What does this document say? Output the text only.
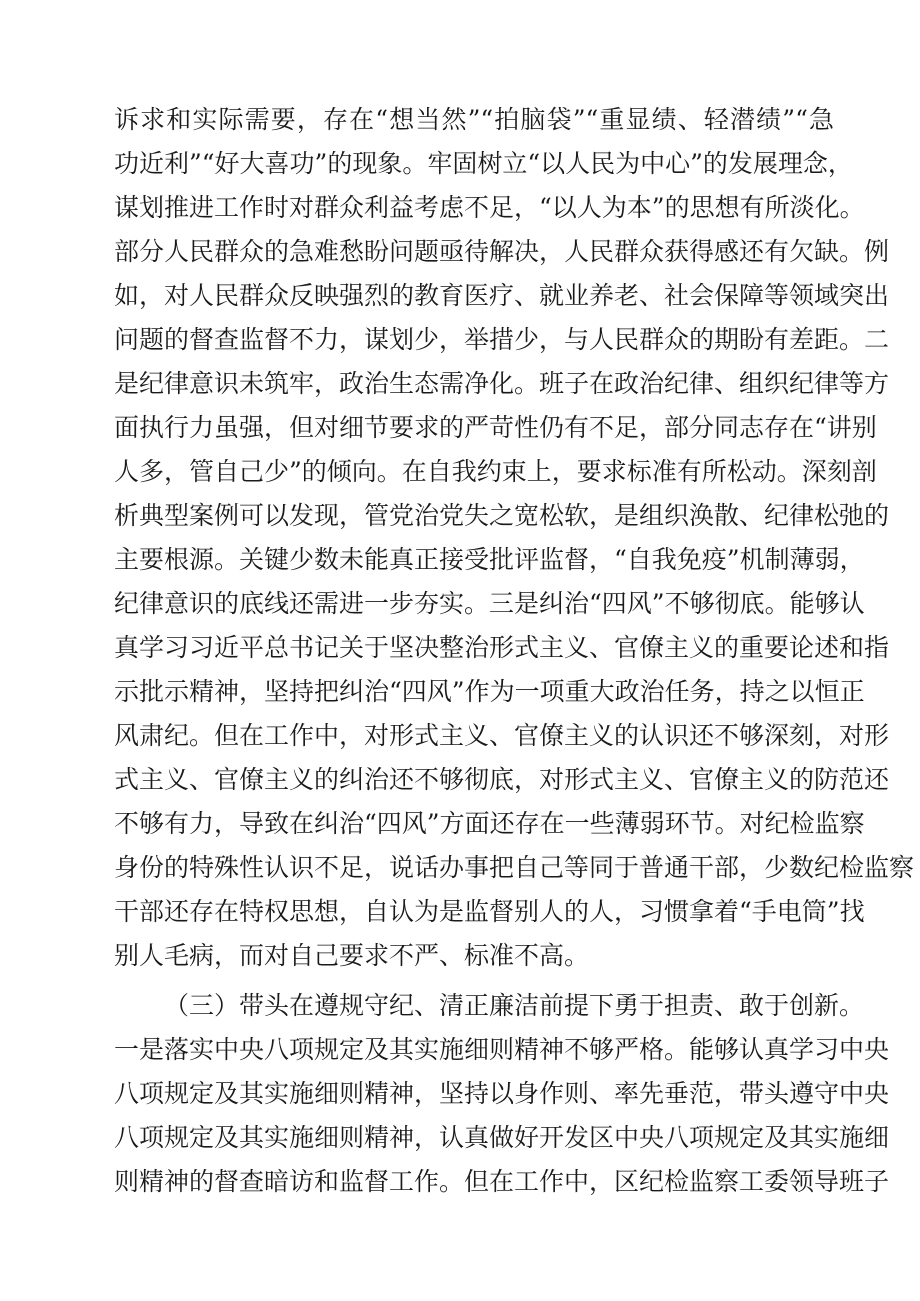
诉求和实际需要，存在“想当然”“拍脑袋”“重显绩、轻潜绩”“急
功近利”“好大喜功”的现象。牢固树立“以人民为中心”的发展理念，
谋划推进工作时对群众利益考虑不足，“以人为本”的思想有所淡化。
部分人民群众的急难愁盼问题亟待解决，人民群众获得感还有欠缺。例
如，对人民群众反映强烈的教育医疗、就业养老、社会保障等领域突出
问题的督查监督不力，谋划少，举措少，与人民群众的期盼有差距。二
是纪律意识未筑牢，政治生态需净化。班子在政治纪律、组织纪律等方
面执行力虽强，但对细节要求的严苛性仍有不足，部分同志存在“讲别
人多，管自己少”的倾向。在自我约束上，要求标准有所松动。深刻剖
析典型案例可以发现，管党治党失之宽松软，是组织涣散、纪律松弛的
主要根源。关键少数未能真正接受批评监督，“自我免疫”机制薄弱，
纪律意识的底线还需进一步夯实。三是纠治“四风”不够彻底。能够认
真学习习近平总书记关于坚决整治形式主义、官僚主义的重要论述和指
示批示精神，坚持把纠治“四风”作为一项重大政治任务，持之以恒正
风肃纪。但在工作中，对形式主义、官僚主义的认识还不够深刻，对形
式主义、官僚主义的纠治还不够彻底，对形式主义、官僚主义的防范还
不够有力，导致在纠治“四风”方面还存在一些薄弱环节。对纪检监察
身份的特殊性认识不足，说话办事把自己等同于普通干部，少数纪检监察
干部还存在特权思想，自认为是监督别人的人，习惯拿着“手电筒”找
别人毛病，而对自己要求不严、标准不高。
（三）带头在遵规守纪、清正廉洁前提下勇于担责、敢于创新。
一是落实中央八项规定及其实施细则精神不够严格。能够认真学习中央
八项规定及其实施细则精神，坚持以身作则、率先垂范，带头遵守中央
八项规定及其实施细则精神，认真做好开发区中央八项规定及其实施细
则精神的督查暗访和监督工作。但在工作中，区纪检监察工委领导班子
